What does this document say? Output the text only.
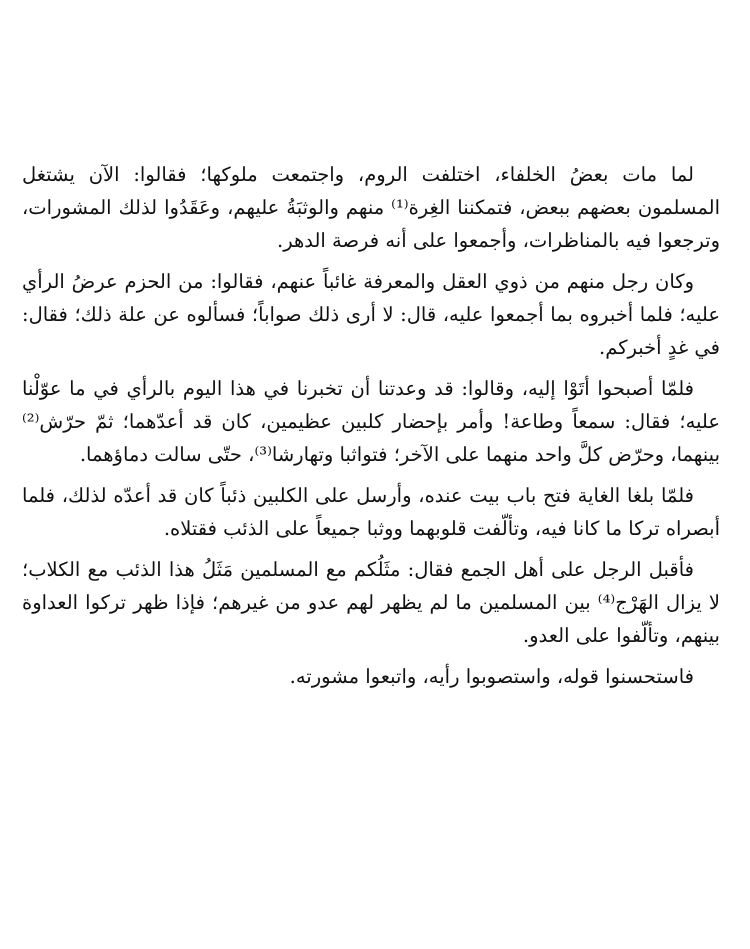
لما مات بعضُ الخلفاء، اختلفت الروم، واجتمعت ملوكها؛ فقالوا: الآن يشتغل المسلمون بعضهم ببعض، فتمكننا الغِرة⁽¹⁾ منهم والوثبَةُ عليهم، وعَقَدُوا لذلك المشورات، وترجعوا فيه بالمناظرات، وأجمعوا على أنه فرصة الدهر.

وكان رجل منهم من ذوي العقل والمعرفة غائباً عنهم، فقالوا: من الحزم عرضُ الرأي عليه؛ فلما أخبروه بما أجمعوا عليه، قال: لا أرى ذلك صواباً؛ فسألوه عن علة ذلك؛ فقال: في غدٍ أخبركم.

فلمّا أصبحوا أتَوْا إليه، وقالوا: قد وعدتنا أن تخبرنا في هذا اليوم بالرأي في ما عوّلْنا عليه؛ فقال: سمعاً وطاعة! وأمر بإحضار كلبين عظيمين، كان قد أعدّهما؛ ثمّ حرّش⁽²⁾ بينهما، وحرّض كلَّ واحد منهما على الآخر؛ فتواثبا وتهارشا⁽³⁾، حتّى سالت دماؤهما.

فلمّا بلغا الغاية فتح باب بيت عنده، وأرسل على الكلبين ذئباً كان قد أعدّه لذلك، فلما أبصراه تركا ما كانا فيه، وتألّفت قلوبهما ووثبا جميعاً على الذئب فقتلاه.

فأقبل الرجل على أهل الجمع فقال: مثَلُكم مع المسلمين مَثَلُ هذا الذئب مع الكلاب؛ لا يزال الهَرْج⁽⁴⁾ بين المسلمين ما لم يظهر لهم عدو من غيرهم؛ فإذا ظهر تركوا العداوة بينهم، وتألّفوا على العدو.

فاستحسنوا قوله، واستصوبوا رأيه، واتبعوا مشورته.
